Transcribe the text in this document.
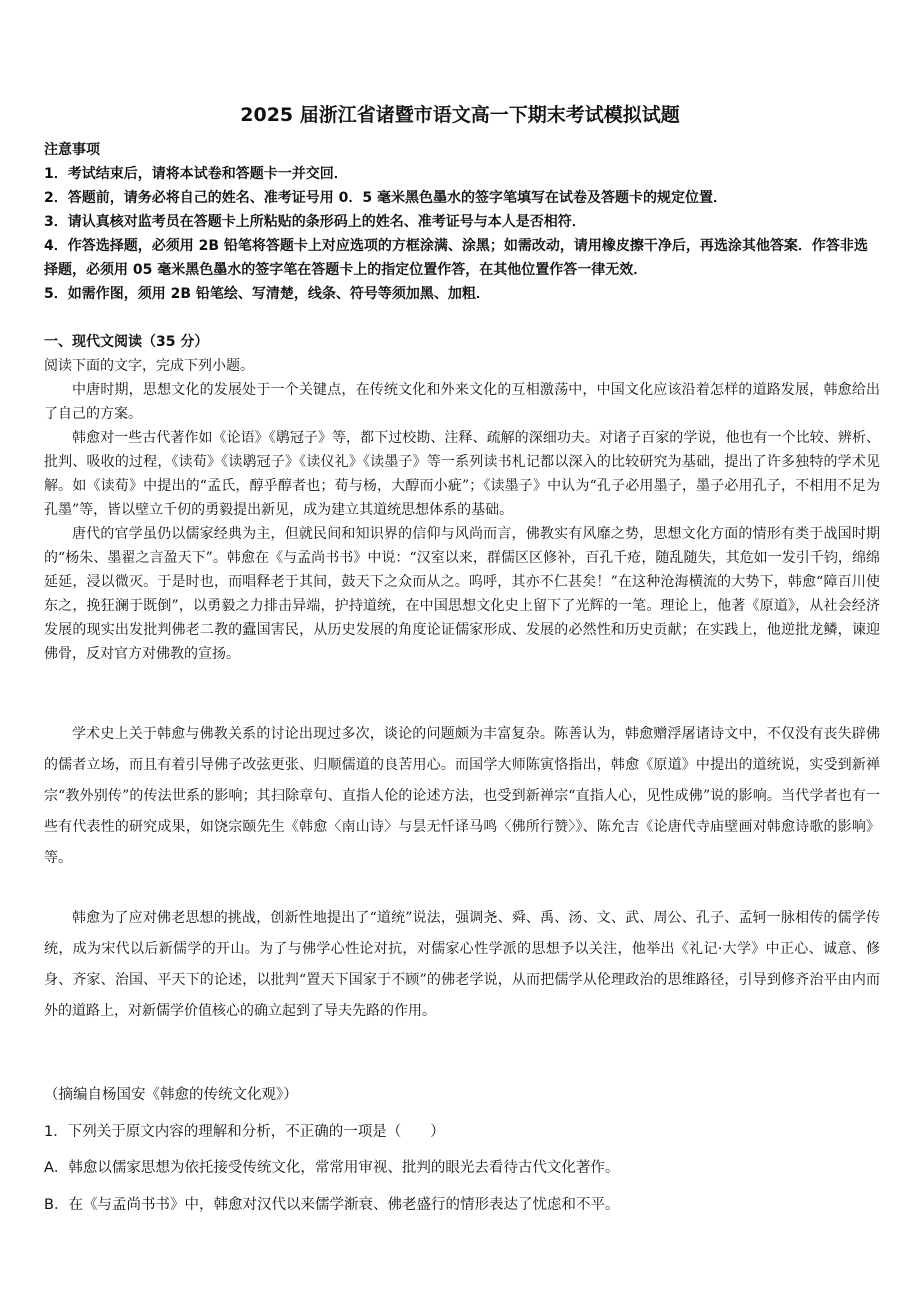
2025 届浙江省诸暨市语文高一下期末考试模拟试题
注意事项
1．考试结束后，请将本试卷和答题卡一并交回．
2．答题前，请务必将自己的姓名、准考证号用 0．5 毫米黑色墨水的签字笔填写在试卷及答题卡的规定位置．
3．请认真核对监考员在答题卡上所粘贴的条形码上的姓名、准考证号与本人是否相符．
4．作答选择题，必须用 2B 铅笔将答题卡上对应选项的方框涂满、涂黑；如需改动，请用橡皮擦干净后，再选涂其他答案．作答非选择题，必须用 05 毫米黑色墨水的签字笔在答题卡上的指定位置作答，在其他位置作答一律无效．
5．如需作图，须用 2B 铅笔绘、写清楚，线条、符号等须加黑、加粗．
一、现代文阅读（35 分）
阅读下面的文字，完成下列小题。

中唐时期，思想文化的发展处于一个关键点，在传统文化和外来文化的互相激荡中，中国文化应该沿着怎样的道路发展，韩愈给出了自己的方案。

韩愈对一些古代著作如《论语》《鹖冠子》等，都下过校勘、注释、疏解的深细功夫。对诸子百家的学说，他也有一个比较、辨析、批判、吸收的过程，《读荀》《读鹖冠子》《读仪礼》《读墨子》等一系列读书札记都以深入的比较研究为基础，提出了许多独特的学术见解。如《读荀》中提出的“孟氏，醇乎醇者也；荀与杨，大醇而小疵”；《读墨子》中认为“孔子必用墨子，墨子必用孔子，不相用不足为孔墨”等，皆以壁立千仞的勇毅提出新见，成为建立其道统思想体系的基础。

唐代的官学虽仍以儒家经典为主，但就民间和知识界的信仰与风尚而言，佛教实有风靡之势，思想文化方面的情形有类于战国时期的“杨朱、墨翟之言盈天下”。韩愈在《与孟尚书书》中说：“汉室以来，群儒区区修补，百孔千疮，随乱随失，其危如一发引千钧，绵绵延延，浸以微灭。于是时也，而唱释老于其间，鼓天下之众而从之。呜呼，其亦不仁甚矣！”在这种沧海横流的大势下，韩愈“障百川使东之，挽狂澜于既倒”，以勇毅之力排击异端，护持道统，在中国思想文化史上留下了光辉的一笔。理论上，他著《原道》，从社会经济发展的现实出发批判佛老二教的蠹国害民，从历史发展的角度论证儒家形成、发展的必然性和历史贡献；在实践上，他逆批龙鳞，谏迎佛骨，反对官方对佛教的宣扬。

学术史上关于韩愈与佛教关系的讨论出现过多次，谈论的问题颇为丰富复杂。陈善认为，韩愈赠浮屠诸诗文中，不仅没有丧失辟佛的儒者立场，而且有着引导佛子改弦更张、归顺儒道的良苦用心。而国学大师陈寅恪指出，韩愈《原道》中提出的道统说，实受到新禅宗“教外别传”的传法世系的影响；其扫除章句、直指人伦的论述方法，也受到新禅宗“直指人心，见性成佛”说的影响。当代学者也有一些有代表性的研究成果，如饶宗颐先生《韩愈〈南山诗〉与昙无忏译马鸣〈佛所行赞〉》、陈允吉《论唐代寺庙壁画对韩愈诗歌的影响》等。

韩愈为了应对佛老思想的挑战，创新性地提出了“道统”说法，强调尧、舜、禹、汤、文、武、周公、孔子、孟轲一脉相传的儒学传统，成为宋代以后新儒学的开山。为了与佛学心性论对抗，对儒家心性学派的思想予以关注，他举出《礼记·大学》中正心、诚意、修身、齐家、治国、平天下的论述，以批判“置天下国家于不顾”的佛老学说，从而把儒学从伦理政治的思维路径，引导到修齐治平由内而外的道路上，对新儒学价值核心的确立起到了导夫先路的作用。

（摘编自杨国安《韩愈的传统文化观》）
1．下列关于原文内容的理解和分析，不正确的一项是（　　）
A．韩愈以儒家思想为依托接受传统文化，常常用审视、批判的眼光去看待古代文化著作。
B．在《与孟尚书书》中，韩愈对汉代以来儒学渐衰、佛老盛行的情形表达了忧虑和不平。
